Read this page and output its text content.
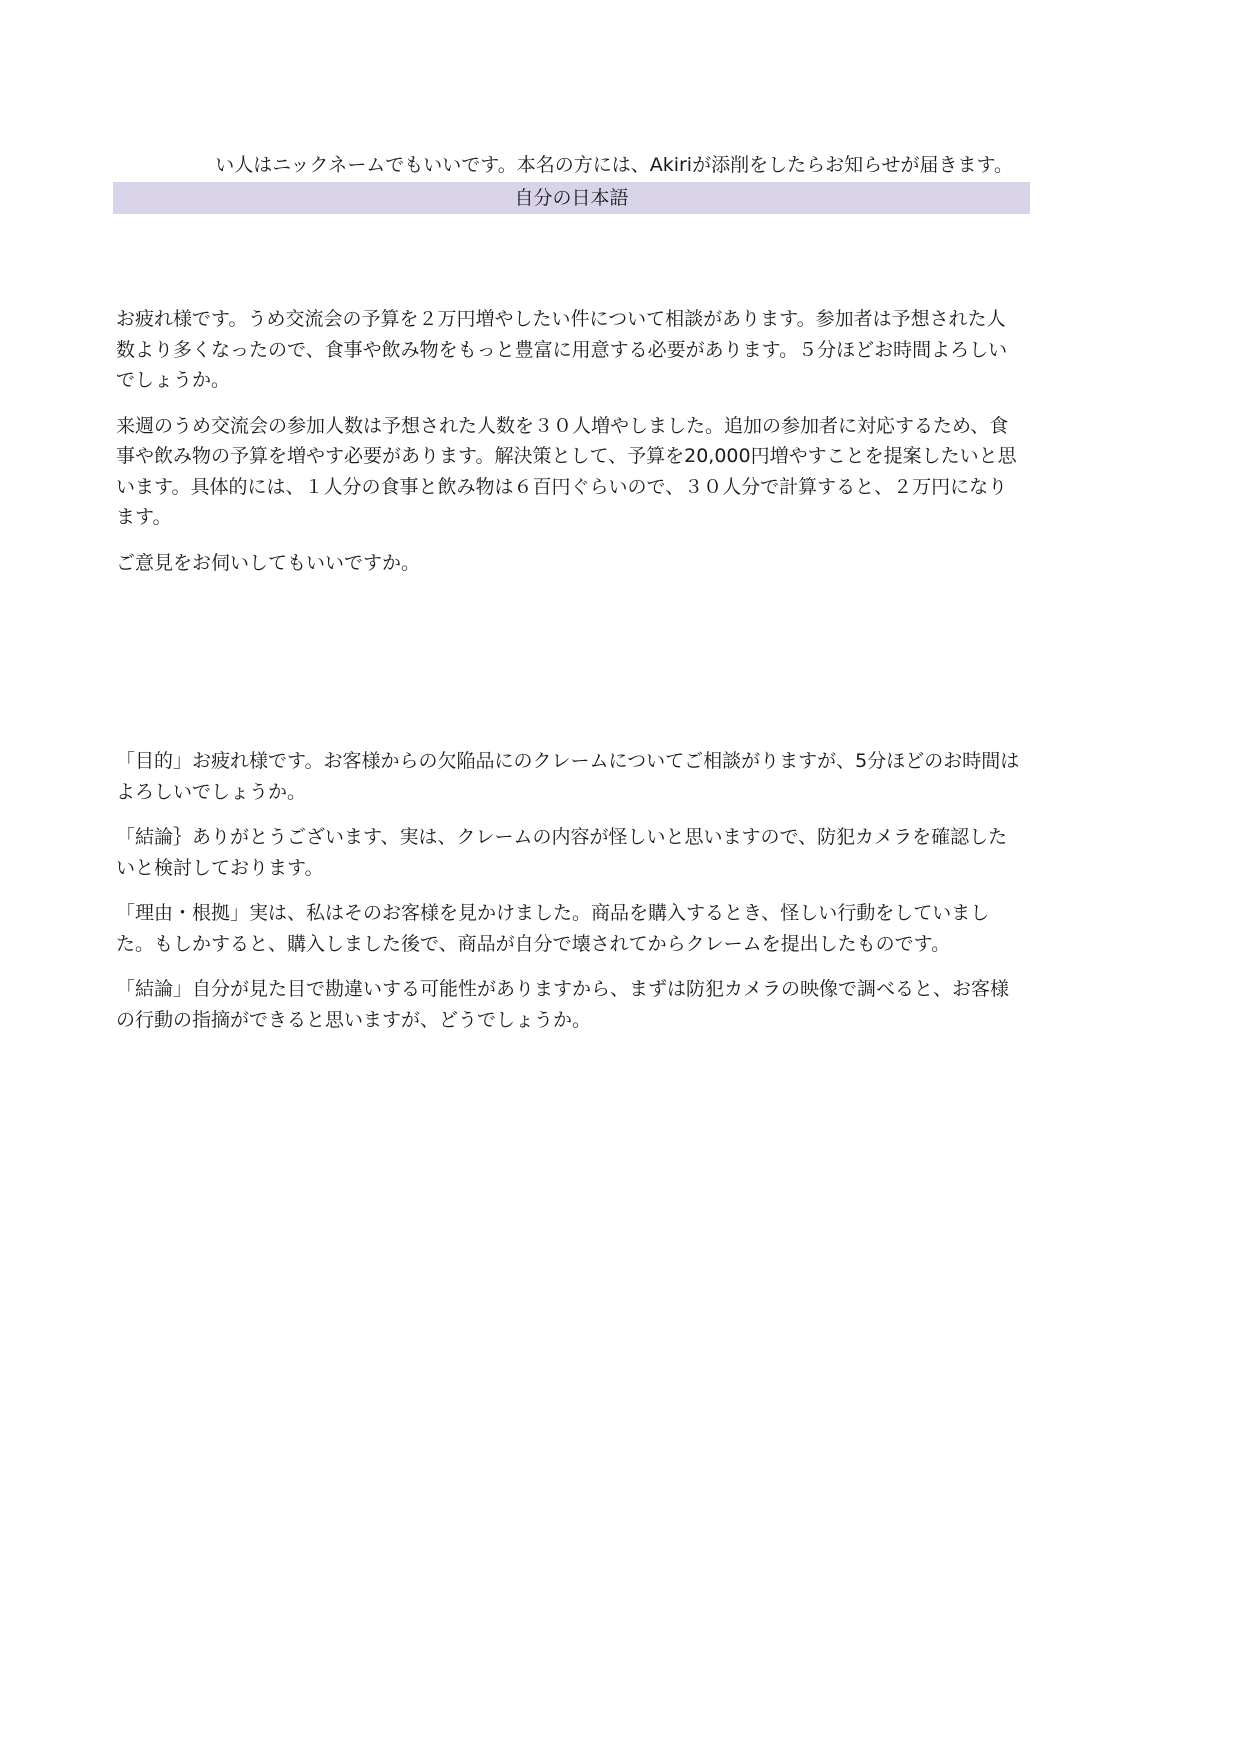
い人はニックネームでもいいです。本名の方には、Akiriが添削をしたらお知らせが届きます。
自分の日本語

お疲れ様です。うめ交流会の予算を２万円増やしたい件について相談があります。参加者は予想された人数より多くなったので、食事や飲み物をもっと豊富に用意する必要があります。５分ほどお時間よろしいでしょうか。

来週のうめ交流会の参加人数は予想された人数を３０人増やしました。追加の参加者に対応するため、食事や飲み物の予算を増やす必要があります。解決策として、予算を20,000円増やすことを提案したいと思います。具体的には、１人分の食事と飲み物は６百円ぐらいので、３０人分で計算すると、２万円になります。

ご意見をお伺いしてもいいですか。

「目的」お疲れ様です。お客様からの欠陥品にのクレームについてご相談がりますが、5分ほどのお時間はよろしいでしょうか。

「結論｝ありがとうございます、実は、クレームの内容が怪しいと思いますので、防犯カメラを確認したいと検討しております。

「理由・根拠」実は、私はそのお客様を見かけました。商品を購入するとき、怪しい行動をしていました。もしかすると、購入しました後で、商品が自分で壊されてからクレームを提出したものです。

「結論」自分が見た目で勘違いする可能性がありますから、まずは防犯カメラの映像で調べると、お客様の行動の指摘ができると思いますが、どうでしょうか。
